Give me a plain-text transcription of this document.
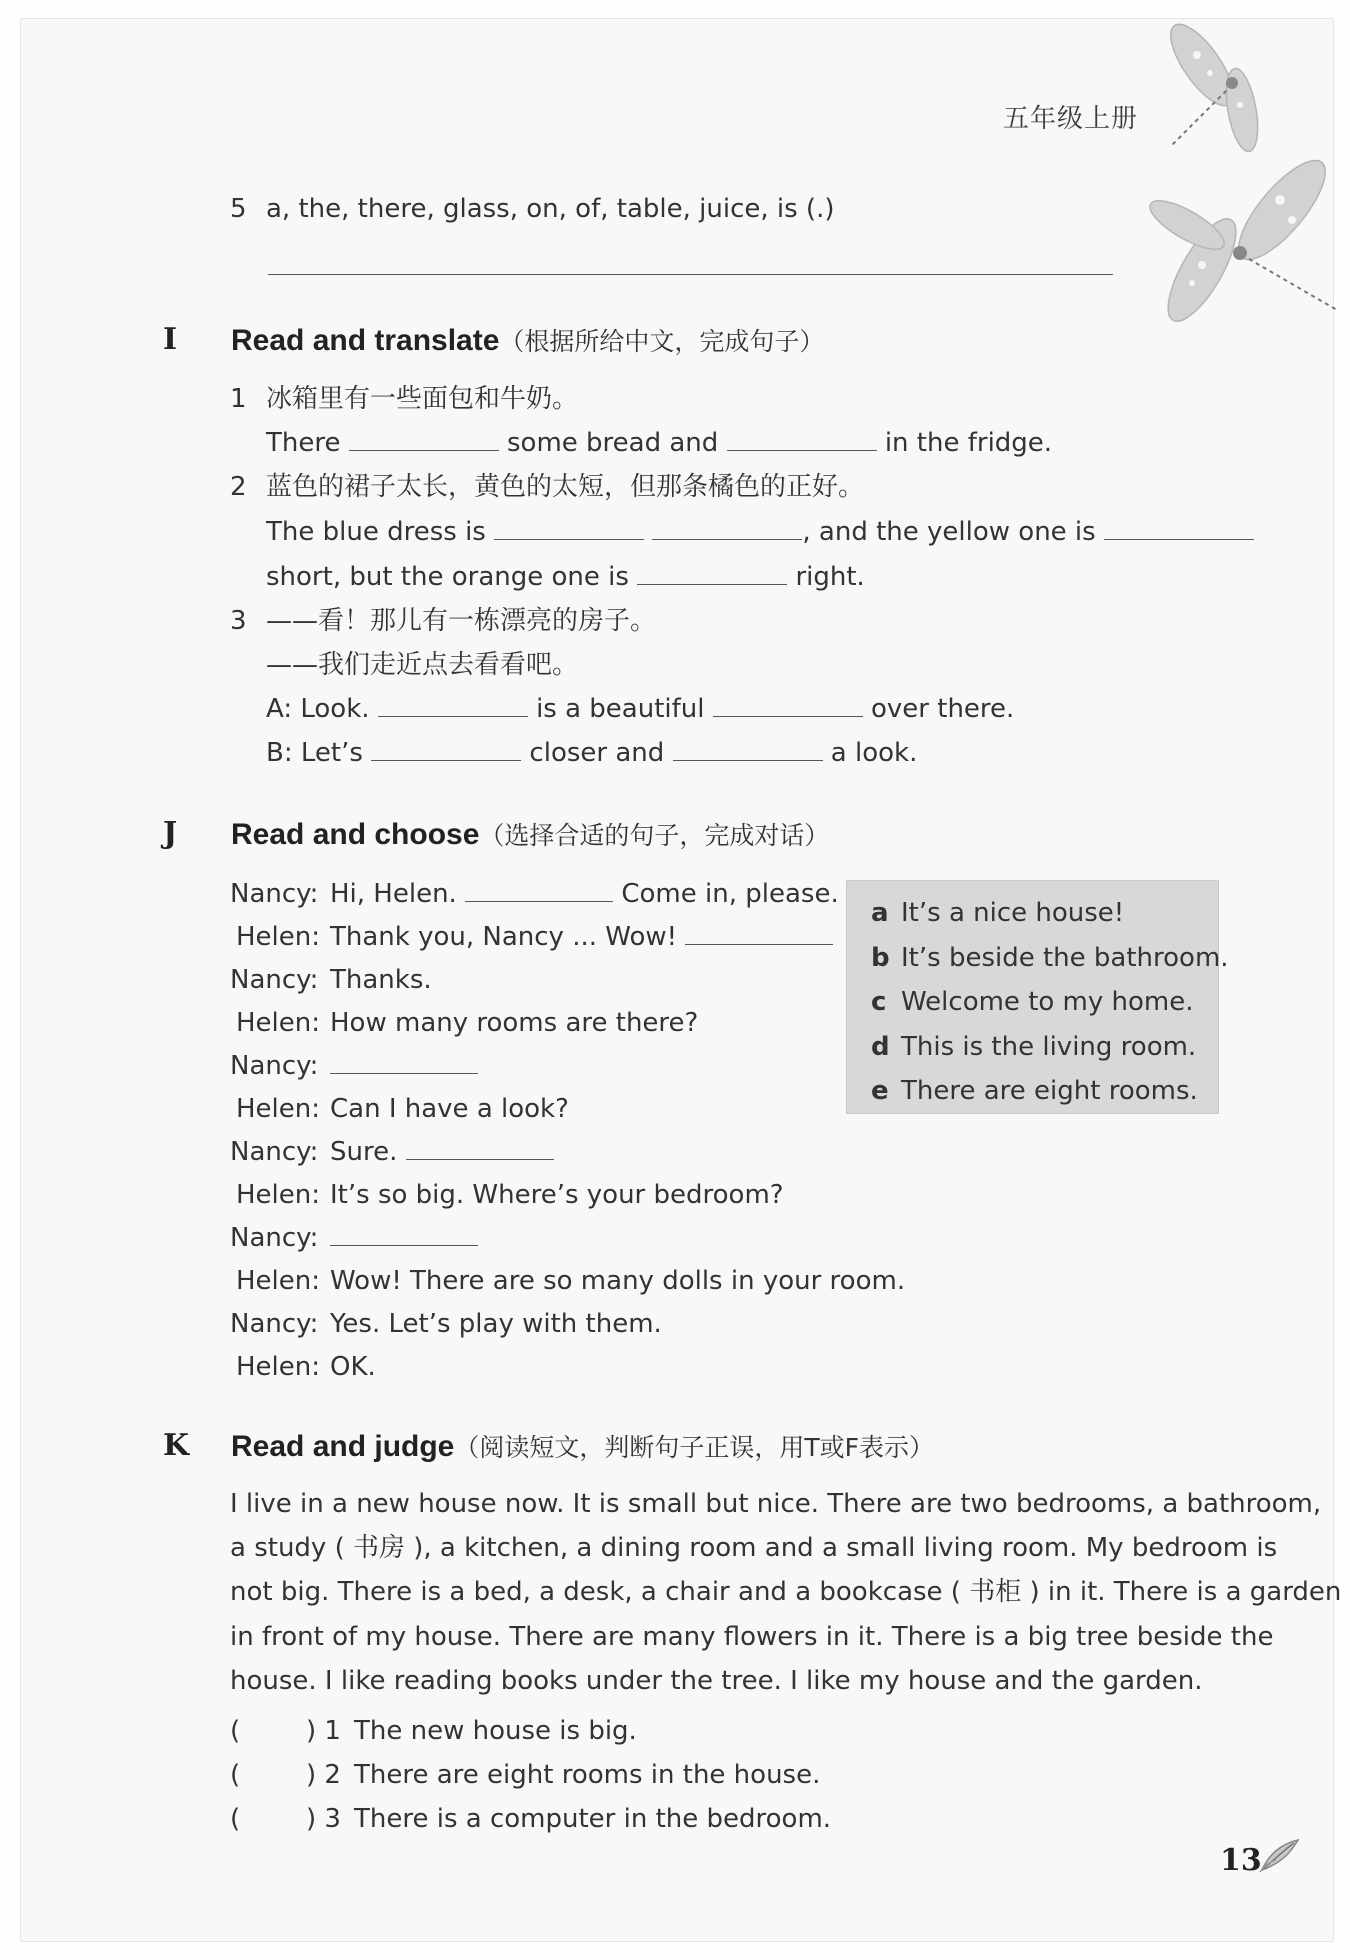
五年级上册
5 a, the, there, glass, on, of, table, juice, is (.)
I Read and translate（根据所给中文，完成句子）
1 冰箱里有一些面包和牛奶。
There	some bread and	in the fridge.
2 蓝色的裙子太长，黄色的太短，但那条橘色的正好。
The blue dress is	, and the yellow one is
short, but the orange one is	right.
3 ——看！那儿有一栋漂亮的房子。
——我们走近点去看看吧。
A: Look.	is a beautiful	over there.
B: Let’s	closer and	a look.
J Read and choose（选择合适的句子，完成对话）
Nancy: Hi, Helen.	Come in, please.
Helen: Thank you, Nancy ... Wow!
Nancy: Thanks.
Helen: How many rooms are there?
Nancy:
Helen: Can I have a look?
Nancy: Sure.
Helen: It’s so big. Where’s your bedroom?
Nancy:
Helen: Wow! There are so many dolls in your room.
Nancy: Yes. Let’s play with them.
Helen: OK.
a It’s a nice house!
b It’s beside the bathroom.
c Welcome to my home.
d This is the living room.
e There are eight rooms.
K Read and judge（阅读短文，判断句子正误，用T或F表示）
I live in a new house now. It is small but nice. There are two bedrooms, a bathroom,
a study ( 书房 ), a kitchen, a dining room and a small living room. My bedroom is
not big. There is a bed, a desk, a chair and a bookcase ( 书柜 ) in it. There is a garden
in front of my house. There are many flowers in it. There is a big tree beside the
house. I like reading books under the tree. I like my house and the garden.
(	) 1 The new house is big.
(	) 2 There are eight rooms in the house.
(	) 3 There is a computer in the bedroom.
13
